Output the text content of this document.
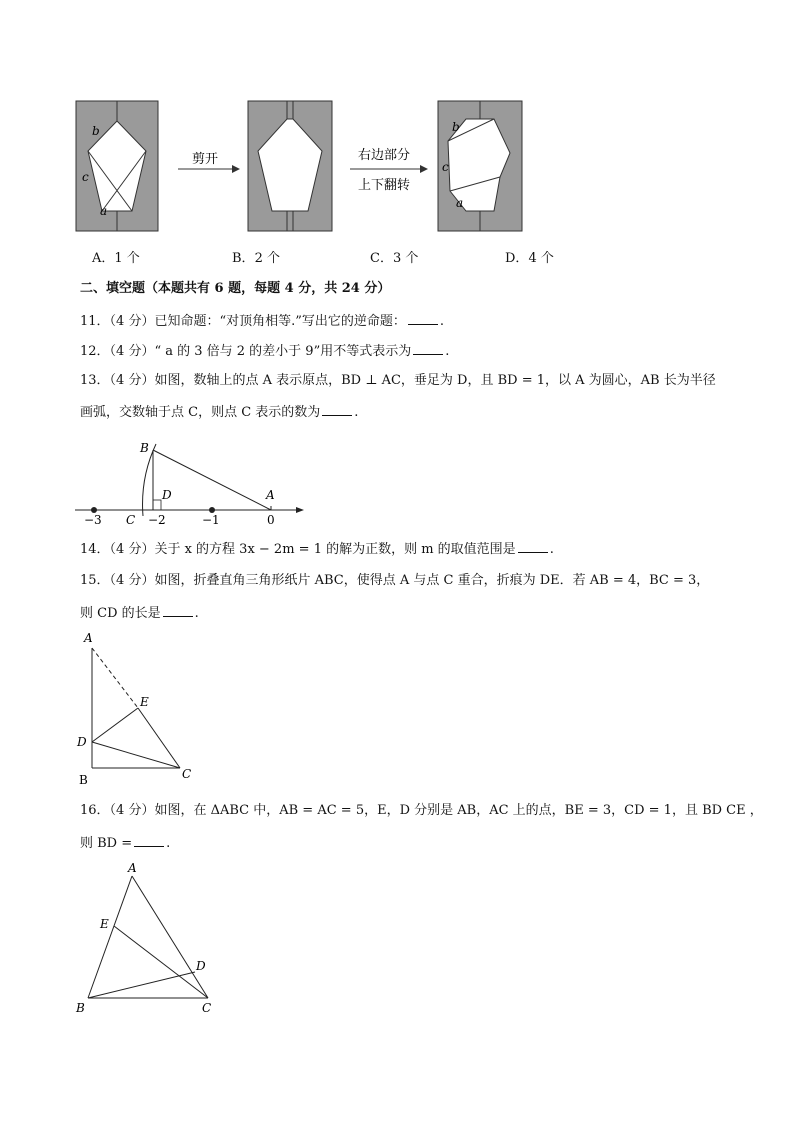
b
c
a
剪开	右边部分
上下翻转
b
c
a
A．1 个	B．2 个	C．3 个	D．4 个
二、填空题（本题共有 6 题，每题 4 分，共 24 分）
11．（4 分）已知命题：“对顶角相等.”写出它的逆命题：	.
12．（4 分）“ a 的 3 倍与 2 的差小于 9”用不等式表示为	.
13．（4 分）如图，数轴上的点 A 表示原点，BD ⊥ AC，垂足为 D，且 BD = 1，以 A 为圆心，AB 长为半径
画弧，交数轴于点 C，则点 C 表示的数为	.
B
D	A
−3 C −2	−1	0
14．（4 分）关于 x 的方程 3x − 2m = 1 的解为正数，则 m 的取值范围是	.
15．（4 分）如图，折叠直角三角形纸片 ABC，使得点 A 与点 C 重合，折痕为 DE．若 AB = 4，BC = 3，
则 CD 的长是	.
A
E
D
B	C
16．（4 分）如图，在 ΔABC 中，AB = AC = 5，E，D 分别是 AB，AC 上的点，BE = 3，CD = 1，且 BD CE ，
则 BD =	.
A
E
D
B	C
